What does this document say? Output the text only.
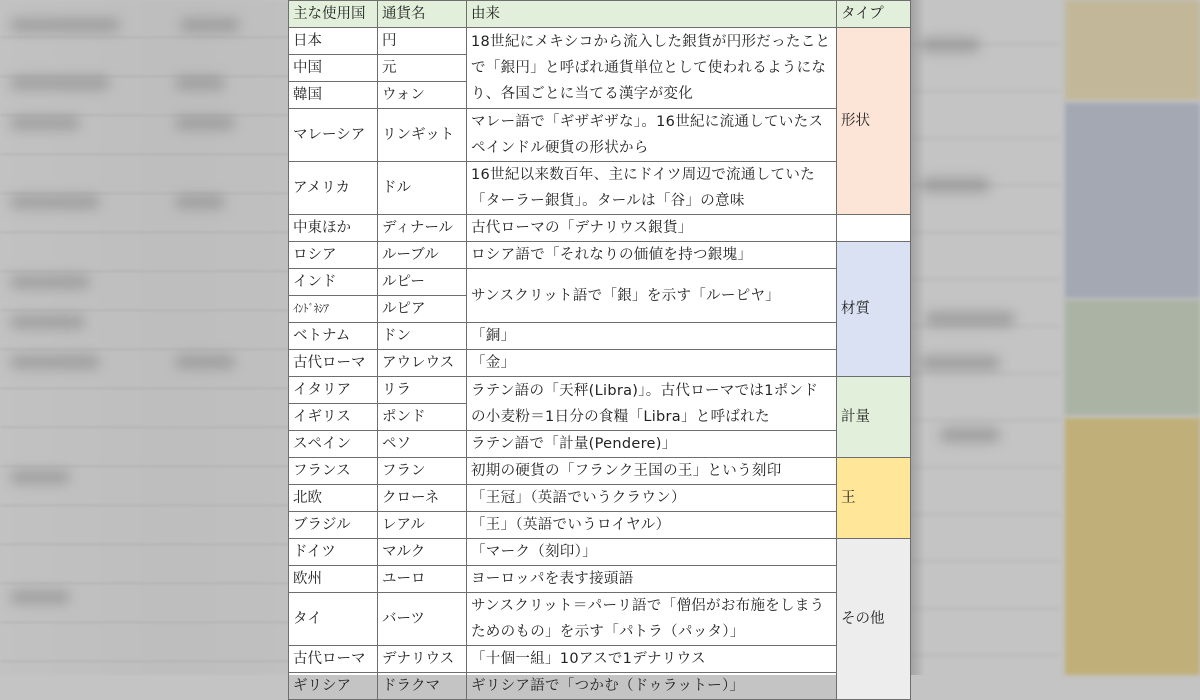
主な使用国	通貨名	由来	タイプ	
日本	円	18世紀にメキシコから流入した銀貨が円形だったことで「銀円」と呼ばれ通貨単位として使われるようになり、各国ごとに当てる漢字が変化	形状	
中国	元			
韓国	ウォン			
マレーシア	リンギット	マレー語で「ギザギザな」。16世紀に流通していたスペインドル硬貨の形状から		
アメリカ	ドル	16世紀以来数百年、主にドイツ周辺で流通していた「ターラー銀貨」。タールは「谷」の意味	
中東ほか	ディナール	古代ローマの「デナリウス銀貨」		
ロシア	ルーブル	ロシア語で「それなりの価値を持つ銀塊」	材質	
インド	ルピー	サンスクリット語で「銀」を示す「ルーピヤ」		
ｲﾝﾄﾞﾈｼｱ	ルピア			
ベトナム	ドン	「銅」		
古代ローマ	アウレウス	「金」		
イタリア	リラ	ラテン語の「天秤(Libra)」。古代ローマでは1ポンドの小麦粉＝1日分の食糧「Libra」と呼ばれた	計量	
イギリス	ポンド			
スペイン	ペソ	ラテン語で「計量(Pendere)」		
フランス	フラン	初期の硬貨の「フランク王国の王」という刻印	王	
北欧	クローネ	「王冠」（英語でいうクラウン）		
ブラジル	レアル	「王」（英語でいうロイヤル）		
ドイツ	マルク	「マーク（刻印）」	その他	
欧州	ユーロ	ヨーロッパを表す接頭語		
タイ	バーツ	サンスクリット＝パーリ語で「僧侶がお布施をしまうためのもの」を示す「パトラ（パッタ）」		
古代ローマ	デナリウス	「十個一組」10アスで1デナリウス		
ギリシア	ドラクマ	ギリシア語で「つかむ（ドゥラットー）」		
